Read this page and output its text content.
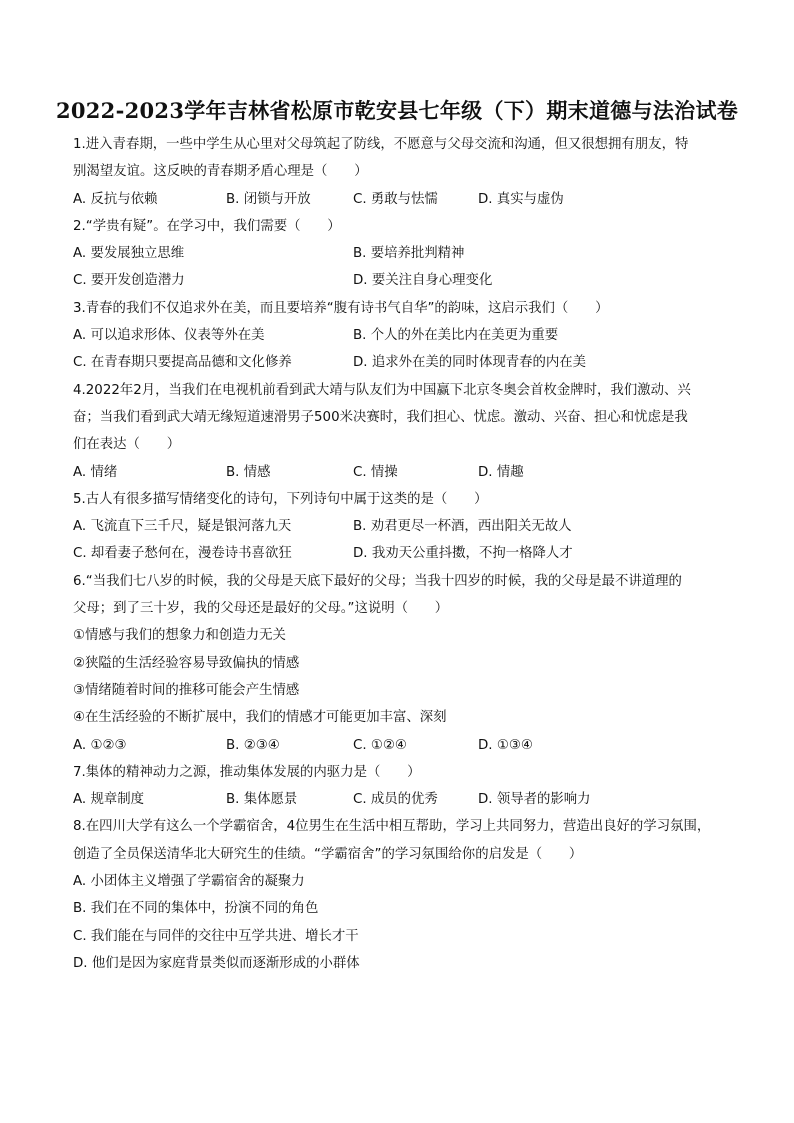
2022-2023学年吉林省松原市乾安县七年级（下）期末道德与法治试卷
1.进入青春期，一些中学生从心里对父母筑起了防线，不愿意与父母交流和沟通，但又很想拥有朋友，特
别渴望友谊。这反映的青春期矛盾心理是（　　）
A. 反抗与依赖	B. 闭锁与开放	C. 勇敢与怯懦	D. 真实与虚伪
2.“学贵有疑”。在学习中，我们需要（　　）
A. 要发展独立思维	B. 要培养批判精神
C. 要开发创造潜力	D. 要关注自身心理变化
3.青春的我们不仅追求外在美，而且要培养“腹有诗书气自华”的韵味，这启示我们（　　）
A. 可以追求形体、仪表等外在美	B. 个人的外在美比内在美更为重要
C. 在青春期只要提高品德和文化修养	D. 追求外在美的同时体现青春的内在美
4.2022年2月，当我们在电视机前看到武大靖与队友们为中国赢下北京冬奥会首枚金牌时，我们激动、兴
奋；当我们看到武大靖无缘短道速滑男子500米决赛时，我们担心、忧虑。激动、兴奋、担心和忧虑是我
们在表达（　　）
A. 情绪	B. 情感	C. 情操	D. 情趣
5.古人有很多描写情绪变化的诗句，下列诗句中属于这类的是（　　）
A. 飞流直下三千尺，疑是银河落九天	B. 劝君更尽一杯酒，西出阳关无故人
C. 却看妻子愁何在，漫卷诗书喜欲狂	D. 我劝天公重抖擞，不拘一格降人才
6.“当我们七八岁的时候，我的父母是天底下最好的父母；当我十四岁的时候，我的父母是最不讲道理的
父母；到了三十岁，我的父母还是最好的父母。”这说明（　　）
①情感与我们的想象力和创造力无关
②狭隘的生活经验容易导致偏执的情感
③情绪随着时间的推移可能会产生情感
④在生活经验的不断扩展中，我们的情感才可能更加丰富、深刻
A. ①②③	B. ②③④	C. ①②④	D. ①③④
7.集体的精神动力之源，推动集体发展的内驱力是（　　）
A. 规章制度	B. 集体愿景	C. 成员的优秀	D. 领导者的影响力
8.在四川大学有这么一个学霸宿舍，4位男生在生活中相互帮助，学习上共同努力，营造出良好的学习氛围，
创造了全员保送清华北大研究生的佳绩。“学霸宿舍”的学习氛围给你的启发是（　　）
A. 小团体主义增强了学霸宿舍的凝聚力
B. 我们在不同的集体中，扮演不同的角色
C. 我们能在与同伴的交往中互学共进、增长才干
D. 他们是因为家庭背景类似而逐渐形成的小群体
